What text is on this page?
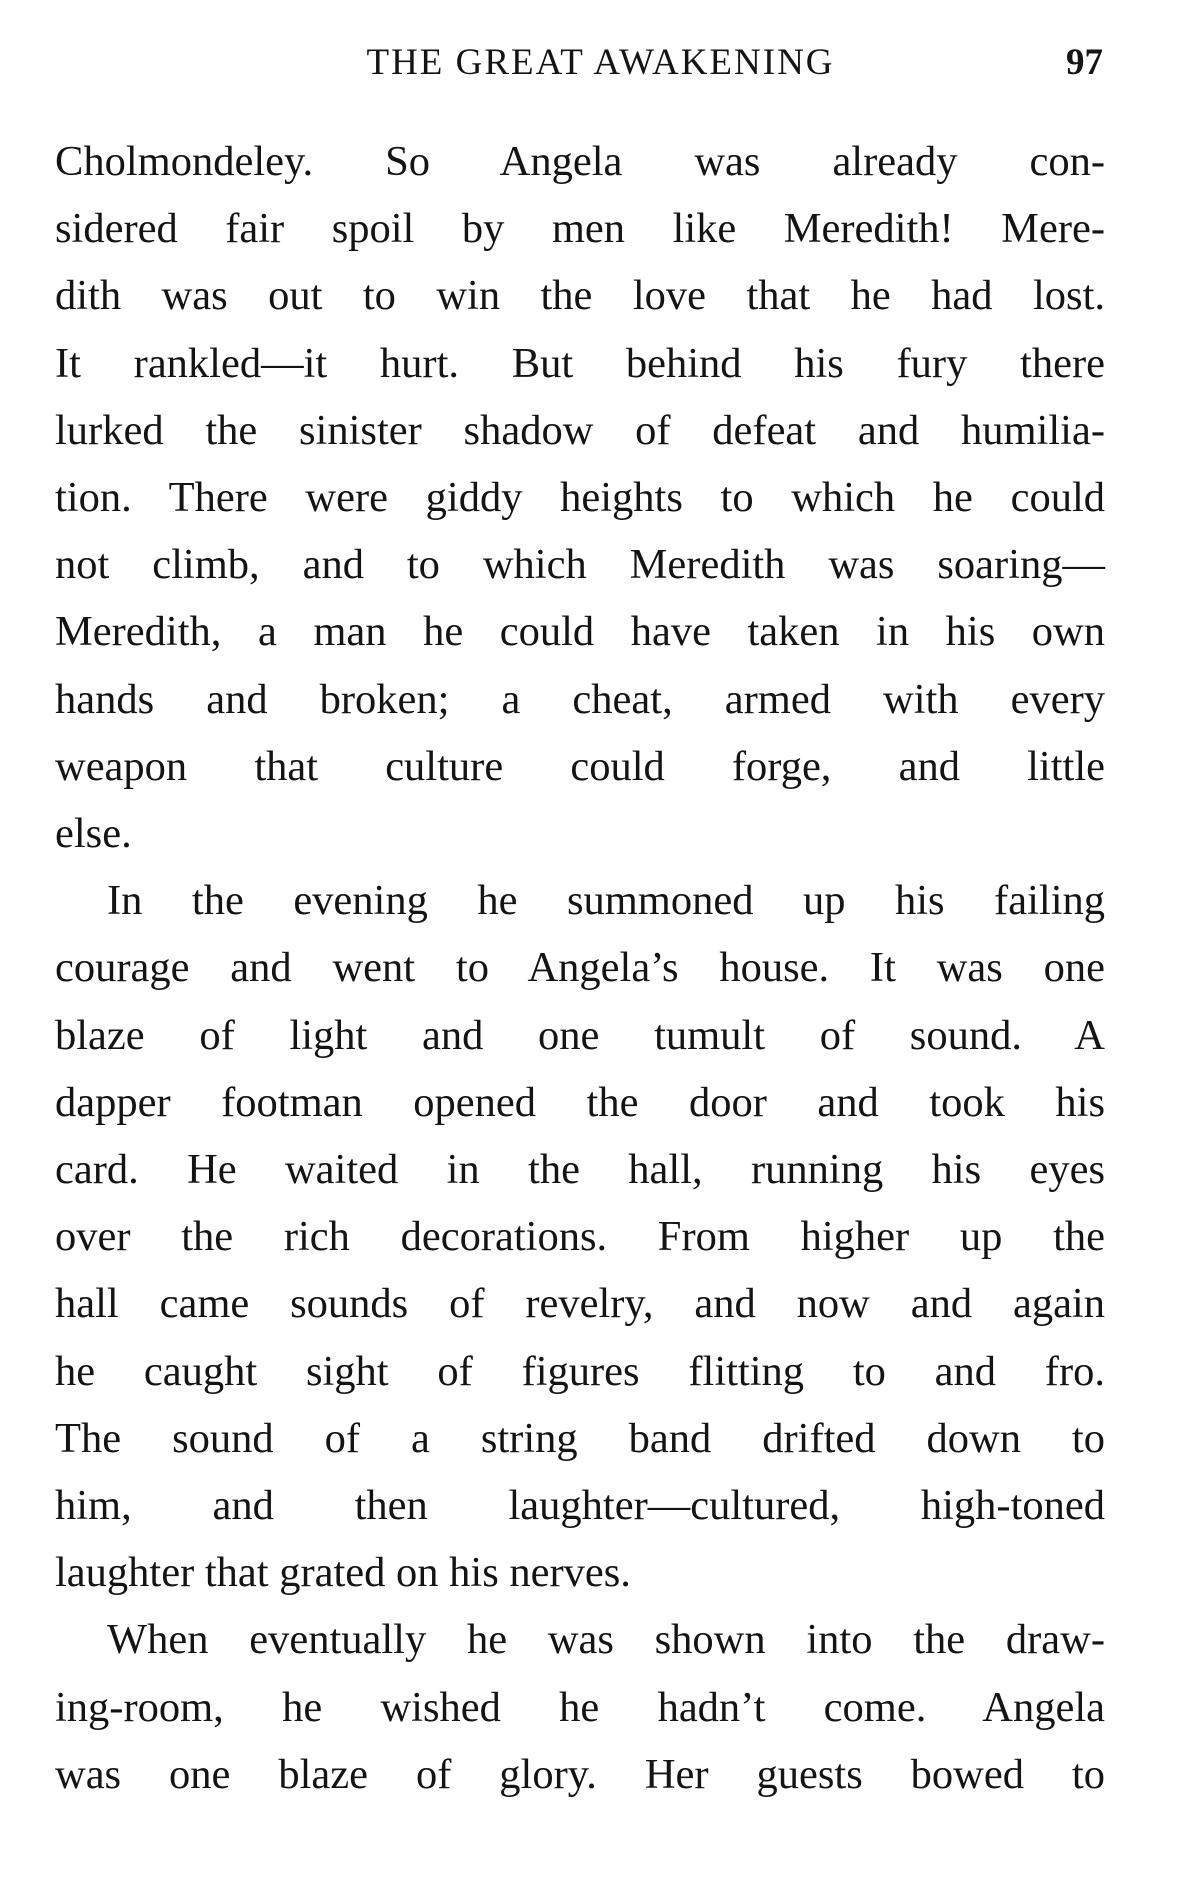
THE GREAT AWAKENING	97

Cholmondeley. So Angela was already con-
sidered fair spoil by men like Meredith! Mere-
dith was out to win the love that he had lost.
It rankled—it hurt. But behind his fury there
lurked the sinister shadow of defeat and humilia-
tion. There were giddy heights to which he could
not climb, and to which Meredith was soaring—
Meredith, a man he could have taken in his own
hands and broken; a cheat, armed with every
weapon that culture could forge, and little
else.

In the evening he summoned up his failing
courage and went to Angela’s house. It was one
blaze of light and one tumult of sound. A
dapper footman opened the door and took his
card. He waited in the hall, running his eyes
over the rich decorations. From higher up the
hall came sounds of revelry, and now and again
he caught sight of figures flitting to and fro.
The sound of a string band drifted down to
him, and then laughter—cultured, high-toned
laughter that grated on his nerves.

When eventually he was shown into the draw-
ing-room, he wished he hadn’t come. Angela
was one blaze of glory. Her guests bowed to
